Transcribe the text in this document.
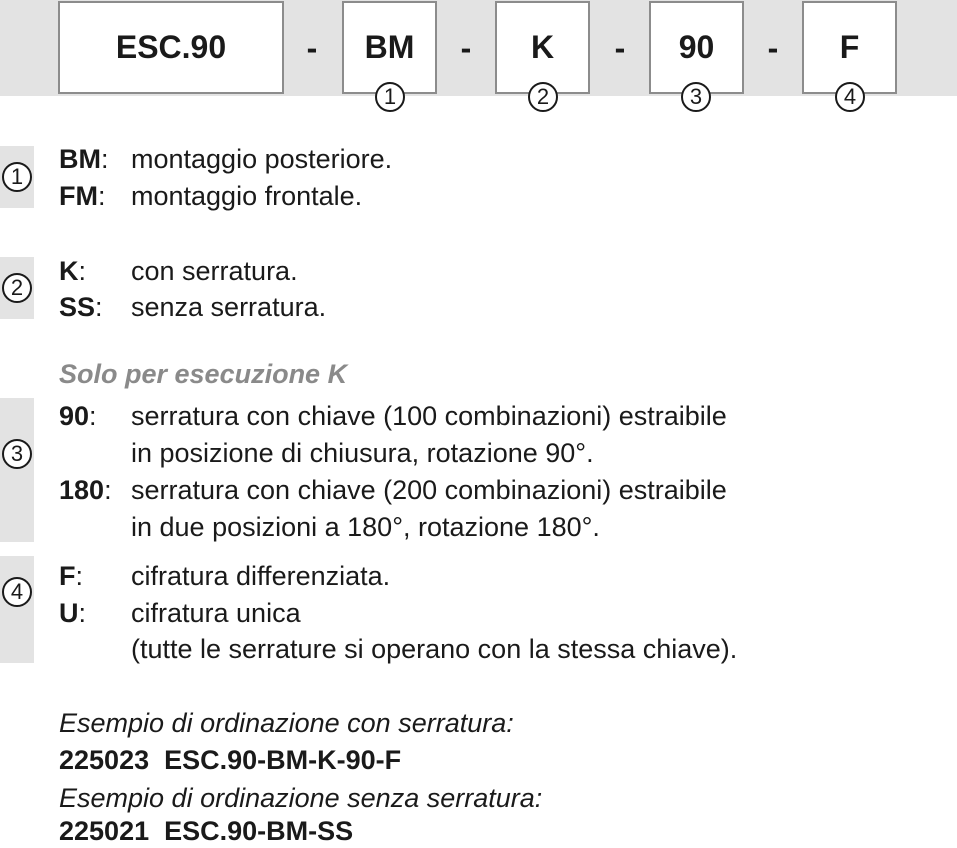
ESC.90	- BM - K - 90 - F
1	2	3	4
1
2
3
4
BM: montaggio posteriore.
FM: montaggio frontale.
K: con serratura.
SS: senza serratura.
Solo per esecuzione K
90: serratura con chiave (100 combinazioni) estraibile
in posizione di chiusura, rotazione 90°.
180: serratura con chiave (200 combinazioni) estraibile
in due posizioni a 180°, rotazione 180°.
F: cifratura differenziata.
U: cifratura unica
(tutte le serrature si operano con la stessa chiave).
Esempio di ordinazione con serratura:
225023  ESC.90-BM-K-90-F
Esempio di ordinazione senza serratura:
225021  ESC.90-BM-SS
